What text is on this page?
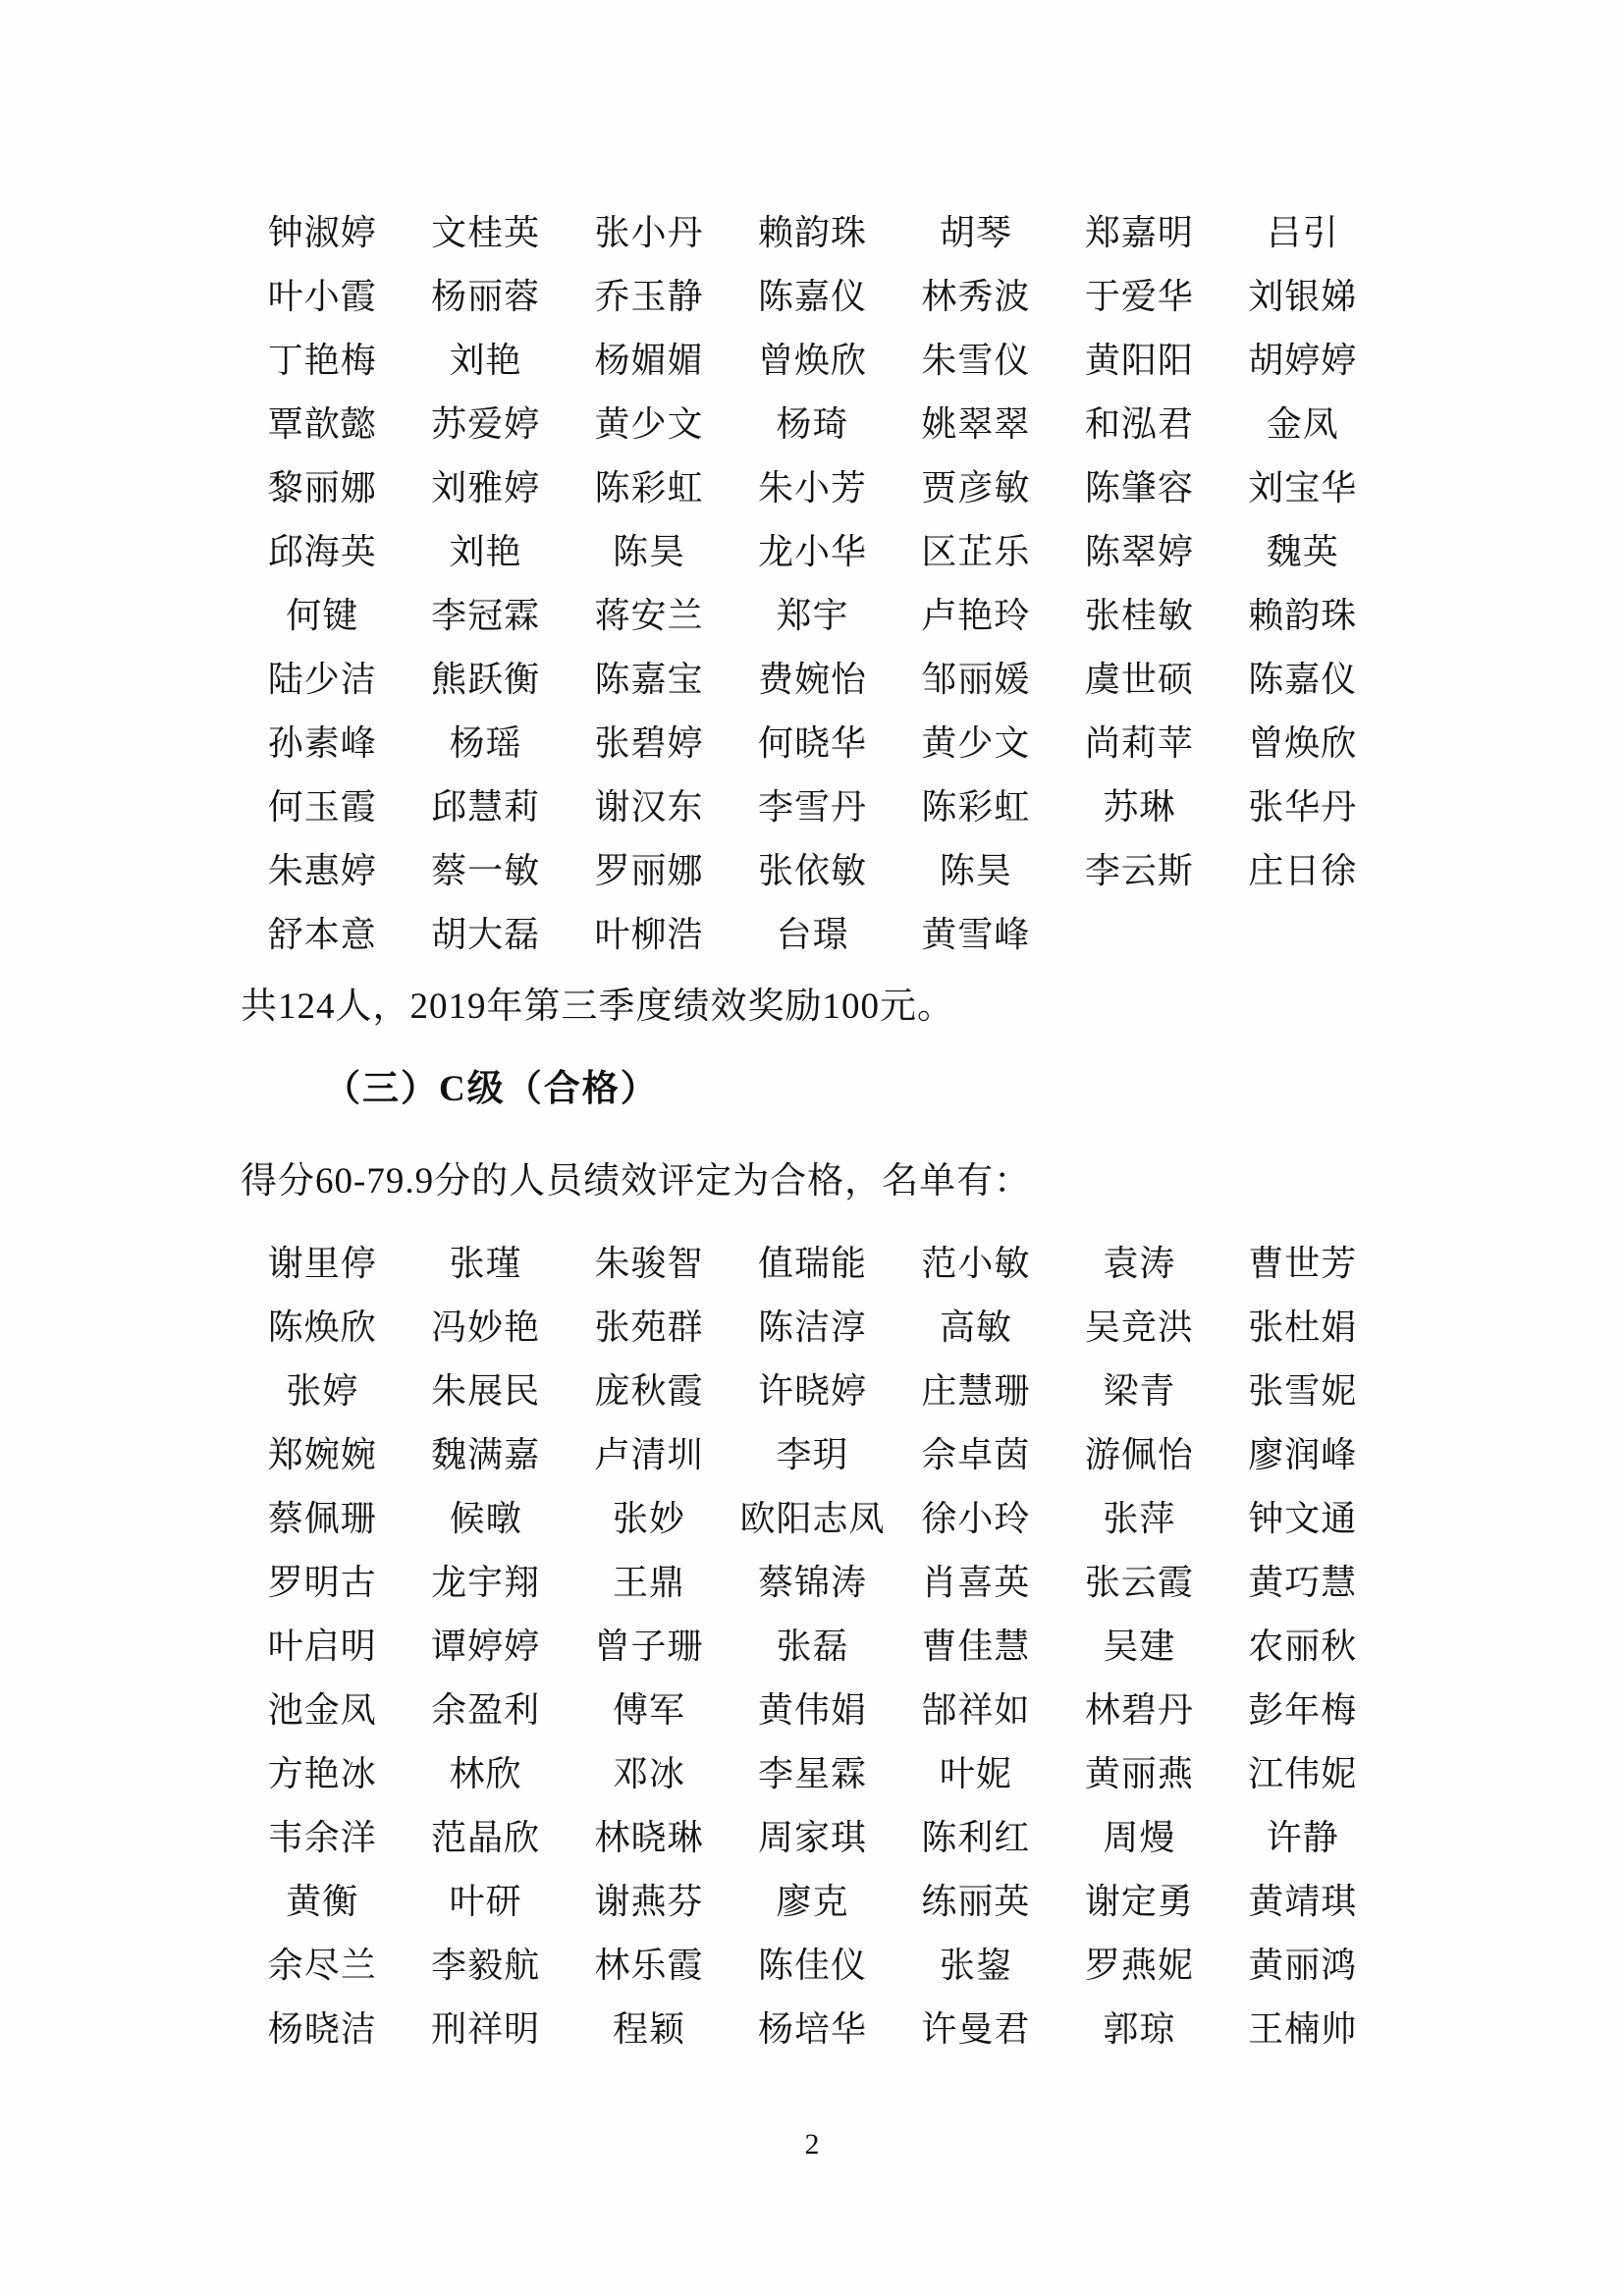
钟淑婷	文桂英	张小丹	赖韵珠	胡琴	郑嘉明	吕引
叶小霞	杨丽蓉	乔玉静	陈嘉仪	林秀波	于爱华	刘银娣
丁艳梅	刘艳	杨媚媚	曾焕欣	朱雪仪	黄阳阳	胡婷婷
覃歆懿	苏爱婷	黄少文	杨琦	姚翠翠	和泓君	金凤
黎丽娜	刘雅婷	陈彩虹	朱小芳	贾彦敏	陈肇容	刘宝华
邱海英	刘艳	陈昊	龙小华	区芷乐	陈翠婷	魏英
何键	李冠霖	蒋安兰	郑宇	卢艳玲	张桂敏	赖韵珠
陆少洁	熊跃衡	陈嘉宝	费婉怡	邹丽媛	虞世硕	陈嘉仪
孙素峰	杨瑶	张碧婷	何晓华	黄少文	尚莉苹	曾焕欣
何玉霞	邱慧莉	谢汉东	李雪丹	陈彩虹	苏琳	张华丹
朱惠婷	蔡一敏	罗丽娜	张依敏	陈昊	李云斯	庄日徐
舒本意	胡大磊	叶柳浩	台璟	黄雪峰
共124人，2019年第三季度绩效奖励100元。
（三）C级（合格）
得分60-79.9分的人员绩效评定为合格，名单有：
谢里停	张瑾	朱骏智	值瑞能	范小敏	袁涛	曹世芳
陈焕欣	冯妙艳	张苑群	陈洁淳	高敏	吴竞洪	张杜娟
张婷	朱展民	庞秋霞	许晓婷	庄慧珊	梁青	张雪妮
郑婉婉	魏满嘉	卢清圳	李玥	佘卓茵	游佩怡	廖润峰
蔡佩珊	候暾	张妙	欧阳志凤	徐小玲	张萍	钟文通
罗明古	龙宇翔	王鼎	蔡锦涛	肖喜英	张云霞	黄巧慧
叶启明	谭婷婷	曾子珊	张磊	曹佳慧	吴建	农丽秋
池金凤	余盈利	傅军	黄伟娟	郜祥如	林碧丹	彭年梅
方艳冰	林欣	邓冰	李星霖	叶妮	黄丽燕	江伟妮
韦余洋	范晶欣	林晓琳	周家琪	陈利红	周熳	许静
黄衡	叶研	谢燕芬	廖克	练丽英	谢定勇	黄靖琪
余尽兰	李毅航	林乐霞	陈佳仪	张鋆	罗燕妮	黄丽鸿
杨晓洁	刑祥明	程颖	杨培华	许曼君	郭琼	王楠帅
2
